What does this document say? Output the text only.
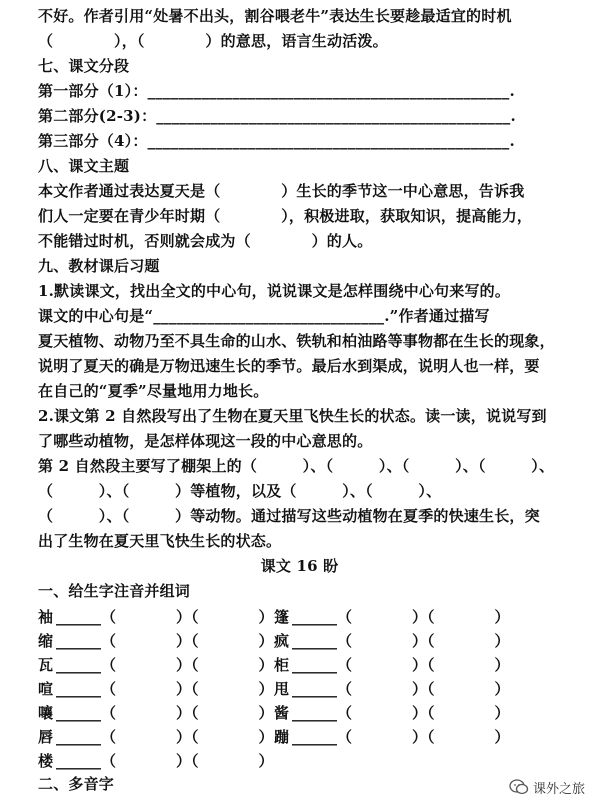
不好。作者引用“处暑不出头，割谷喂老牛”表达生长要趁最适宜的时机
（　　　　），（　　　　）的意思，语言生动活泼。
七、课文分段
第一部分（1）：_______________________________________________.
第二部分(2-3)：______________________________________________.
第三部分（4）：_______________________________________________.
八、课文主题
本文作者通过表达夏天是（　　　　）生长的季节这一中心意思，告诉我
们人一定要在青少年时期（　　　　），积极进取，获取知识，提高能力，
不能错过时机，否则就会成为（　　　　）的人。
九、教材课后习题
1.默读课文，找出全文的中心句，说说课文是怎样围绕中心句来写的。
课文的中心句是“______________________________.”作者通过描写
夏天植物、动物乃至不具生命的山水、铁轨和柏油路等事物都在生长的现象，
说明了夏天的确是万物迅速生长的季节。最后水到渠成，说明人也一样，要
在自己的“夏季”尽量地用力地长。
2.课文第 2 自然段写出了生物在夏天里飞快生长的状态。读一读，说说写到
了哪些动植物，是怎样体现这一段的中心意思的。
第 2 自然段主要写了棚架上的（　　　）、（　　　）、（　　　）、（　　　）、
（　　　）、（　　　）等植物，以及（　　　）、（　　　）、
（　　　）、（　　　）等动物。通过描写这些动植物在夏季的快速生长，突
出了生物在夏天里飞快生长的状态。
课文 16 盼
一、给生字注音并组词
袖 ______（　　　　）（　　　　） 篷 ______（　　　　）（　　　　）
缩 ______（　　　　）（　　　　） 疯 ______（　　　　）（　　　　）
瓦 ______（　　　　）（　　　　） 柜 ______（　　　　）（　　　　）
喧 ______（　　　　）（　　　　） 甩 ______（　　　　）（　　　　）
嚷 ______（　　　　）（　　　　） 酱 ______（　　　　）（　　　　）
唇 ______（　　　　）（　　　　） 蹦 ______（　　　　）（　　　　）
楼 ______（　　　　）（　　　　）
二、多音字	课外之旅
